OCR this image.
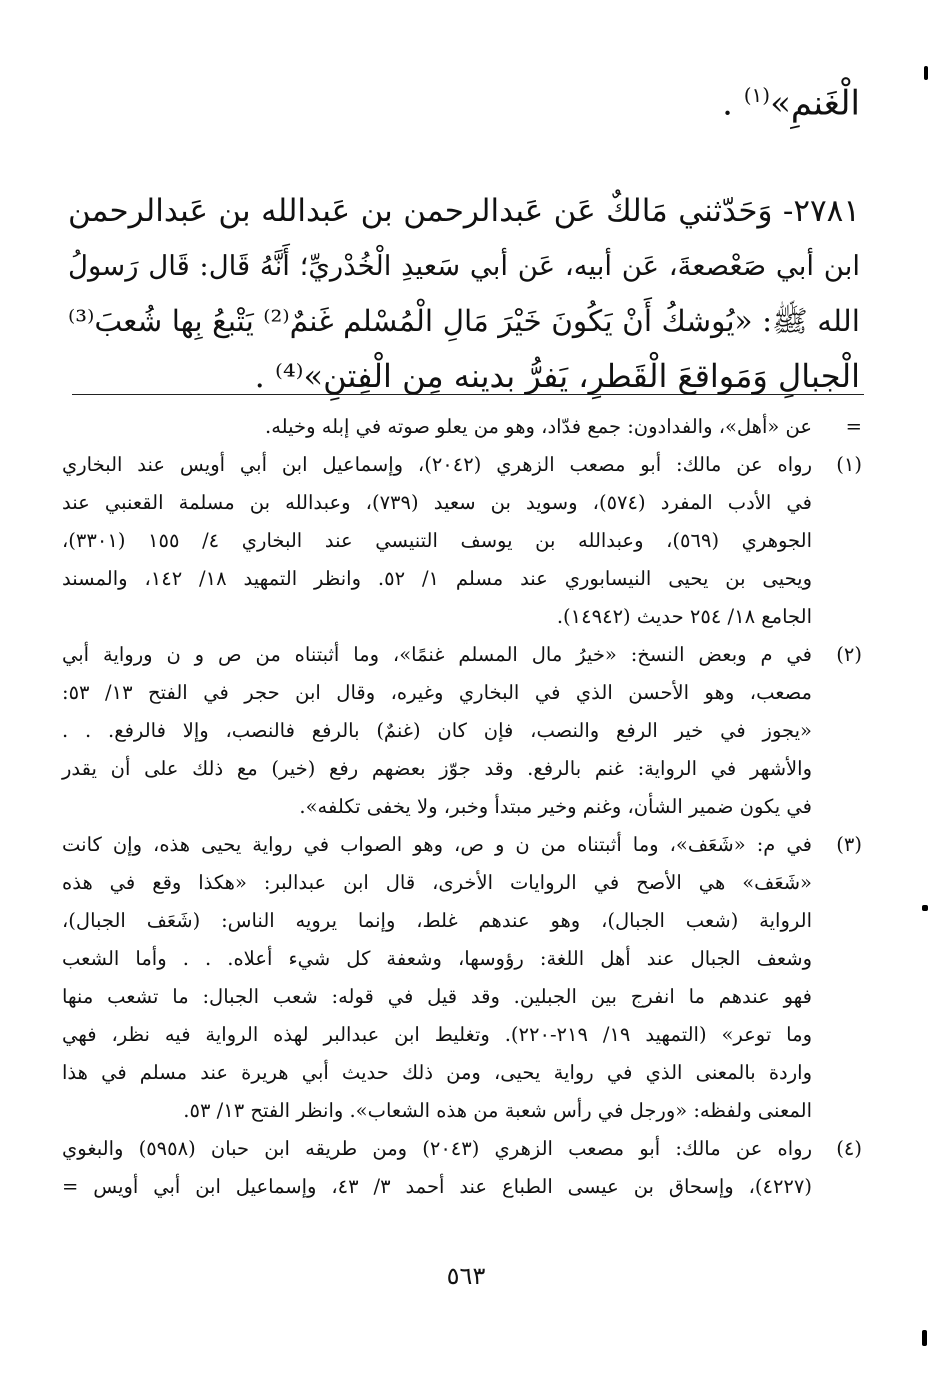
الْغَنمِ»$^{(١)}$ .
٢٧٨١- وَحَدّثني مَالكٌ عَن عَبدالرحمن بن عَبدالله بن عَبدالرحمن
ابن أبي صَعْصعةَ، عَن أبيه، عَن أبي سَعيدِ الْخُدْريِّ؛ أَنَّهُ قَال: قَال رَسولُ
الله ﷺ: «يُوشكُ أَنْ يَكُونَ خَيْرَ مَالِ الْمُسْلم غَنمٌ⁽²⁾ يَتْبعُ بِها شُعبَ⁽³⁾
الْجبالِ وَمَواقعَ الْقَطرِ، يَفرُّ بدينه مِن الْفِتنِ»⁽⁴⁾ .
=
عن «أهل»، والفدادون: جمع فدّاد، وهو من يعلو صوته في إبله وخيله.
(١)
رواه عن مالك: أبو مصعب الزهري (٢٠٤٢)، وإسماعيل ابن أبي أويس عند البخاري
في الأدب المفرد (٥٧٤)، وسويد بن سعيد (٧٣٩)، وعبدالله بن مسلمة القعنبي عند
الجوهري (٥٦٩)، وعبدالله بن يوسف التنيسي عند البخاري ٤/ ١٥٥ (٣٣٠١)،
ويحيى بن يحيى النيسابوري عند مسلم ١/ ٥٢. وانظر التمهيد ١٨/ ١٤٢، والمسند
الجامع ١٨/ ٢٥٤ حديث (١٤٩٤٢).
(٢)
في م وبعض النسخ: «خيرُ مال المسلم غنمًا»، وما أثبتناه من ص و ن ورواية أبي
مصعب، وهو الأحسن الذي في البخاري وغيره، وقال ابن حجر في الفتح ١٣/ ٥٣:
«يجوز في خير الرفع والنصب، فإن كان (غنمٌ) بالرفع فالنصب، وإلا فالرفع. . .
والأشهر في الرواية: غنم بالرفع. وقد جوّز بعضهم رفع (خير) مع ذلك على أن يقدر
في يكون ضمير الشأن، وغنم وخير مبتدأ وخبر، ولا يخفى تكلفه».
(٣)
في م: «شَعَف»، وما أثبتناه من ن و ص، وهو الصواب في رواية يحيى هذه، وإن كانت
«شَعَف» هي الأصح في الروايات الأخرى، قال ابن عبدالبر: «هكذا وقع في هذه
الرواية (شعب الجبال)، وهو عندهم غلط، وإنما يرويه الناس: (شَعَف الجبال)،
وشعف الجبال عند أهل اللغة: رؤوسها، وشعفة كل شيء أعلاه. . . وأما الشعب
فهو عندهم ما انفرج بين الجبلين. وقد قيل في قوله: شعب الجبال: ما تشعب منها
وما توعر» (التمهيد ١٩/ ٢١٩-٢٢٠). وتغليط ابن عبدالبر لهذه الرواية فيه نظر، فهي
واردة بالمعنى الذي في رواية يحيى، ومن ذلك حديث أبي هريرة عند مسلم في هذا
المعنى ولفظه: «ورجل في رأس شعبة من هذه الشعاب». وانظر الفتح ١٣/ ٥٣.
(٤)
رواه عن مالك: أبو مصعب الزهري (٢٠٤٣) ومن طريقه ابن حبان (٥٩٥٨) والبغوي
(٤٢٢٧)، وإسحاق بن عيسى الطباع عند أحمد ٣/ ٤٣، وإسماعيل ابن أبي أويس =
٥٦٣
